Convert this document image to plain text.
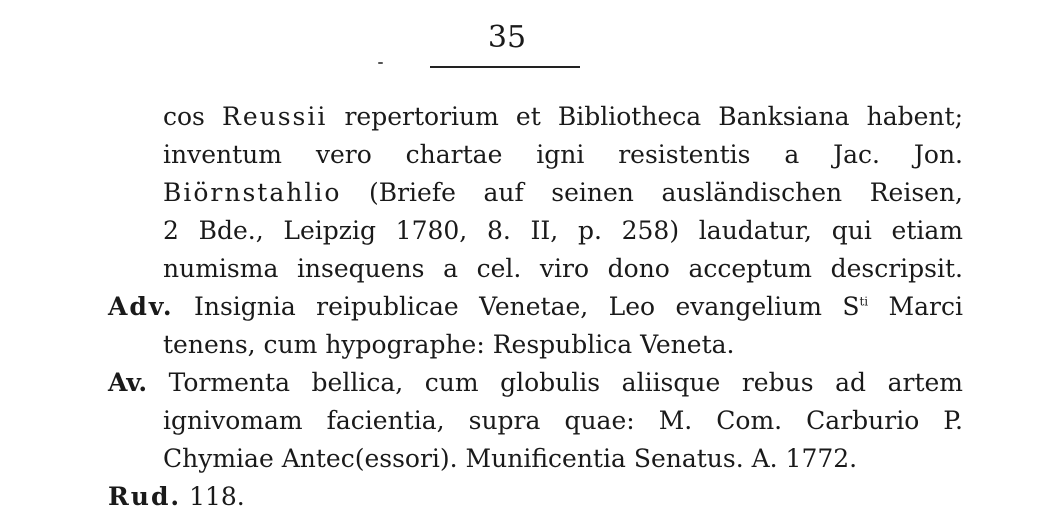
35
cos Reussii repertorium et Bibliotheca Banksiana habent;
inventum vero chartae igni resistentis a Jac. Jon.
Biörnstahlio (Briefe auf seinen ausländischen Reisen,
2 Bde., Leipzig 1780, 8. II, p. 258) laudatur, qui etiam
numisma insequens a cel. viro dono acceptum descripsit.
Adv. Insignia reipublicae Venetae, Leo evangelium $S^{ti}$ Marci
tenens, cum hypographe: Respublica Veneta.
Av. Tormenta bellica, cum globulis aliisque rebus ad artem
ignivomam facientia, supra quae: M. Com. Carburio P.
Chymiae Antec(essori). Munificentia Senatus. A. 1772.
Rud. 118.
